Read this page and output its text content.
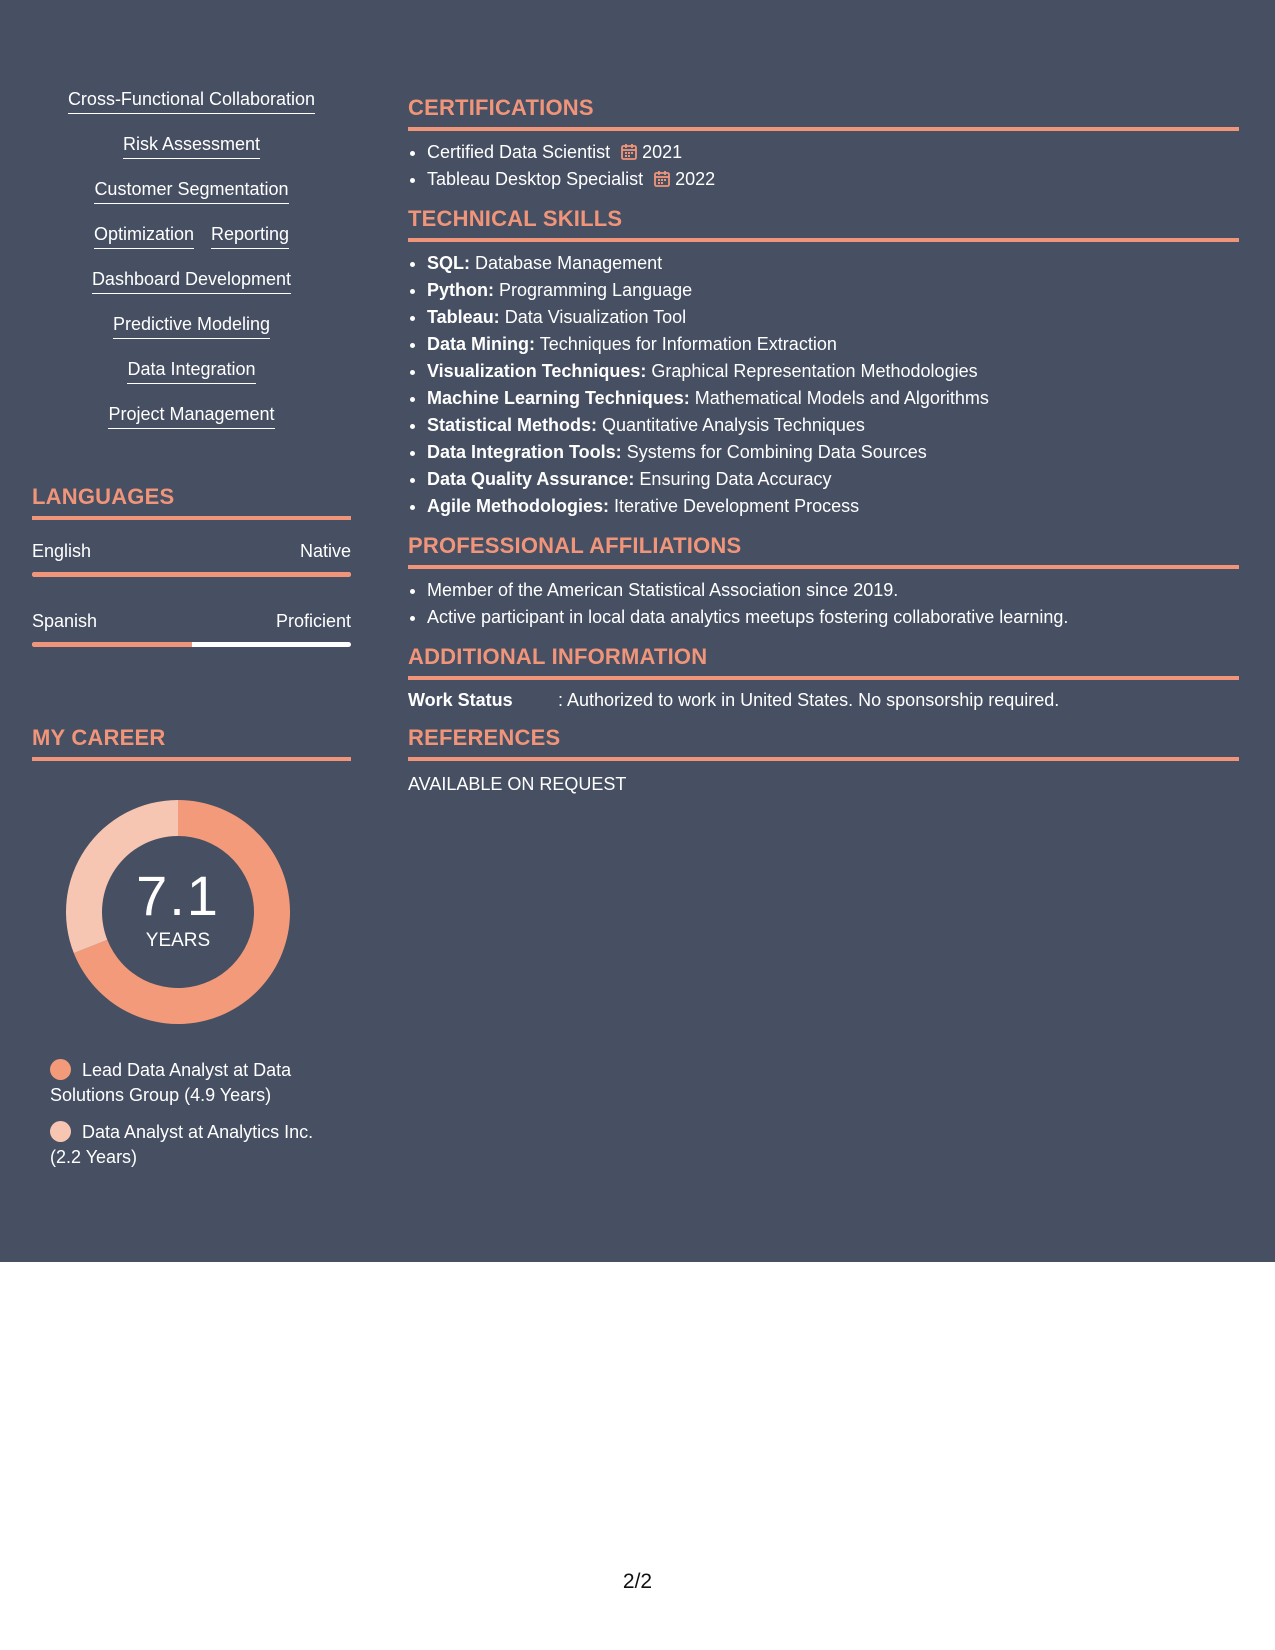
Cross-Functional Collaboration
Risk Assessment
Customer Segmentation
Optimization Reporting
Dashboard Development
Predictive Modeling
Data Integration
Project Management
LANGUAGES
English	Native
Spanish	Proficient
MY CAREER
7.1
YEARS
Lead Data Analyst at Data Solutions Group (4.9 Years)
Data Analyst at Analytics Inc. (2.2 Years)
CERTIFICATIONS
• Certified Data Scientist 2021
• Tableau Desktop Specialist 2022
TECHNICAL SKILLS
• SQL: Database Management
• Python: Programming Language
• Tableau: Data Visualization Tool
• Data Mining: Techniques for Information Extraction
• Visualization Techniques: Graphical Representation Methodologies
• Machine Learning Techniques: Mathematical Models and Algorithms
• Statistical Methods: Quantitative Analysis Techniques
• Data Integration Tools: Systems for Combining Data Sources
• Data Quality Assurance: Ensuring Data Accuracy
• Agile Methodologies: Iterative Development Process
PROFESSIONAL AFFILIATIONS
• Member of the American Statistical Association since 2019.
• Active participant in local data analytics meetups fostering collaborative learning.
ADDITIONAL INFORMATION
Work Status	: Authorized to work in United States. No sponsorship required.
REFERENCES
AVAILABLE ON REQUEST
2/2
